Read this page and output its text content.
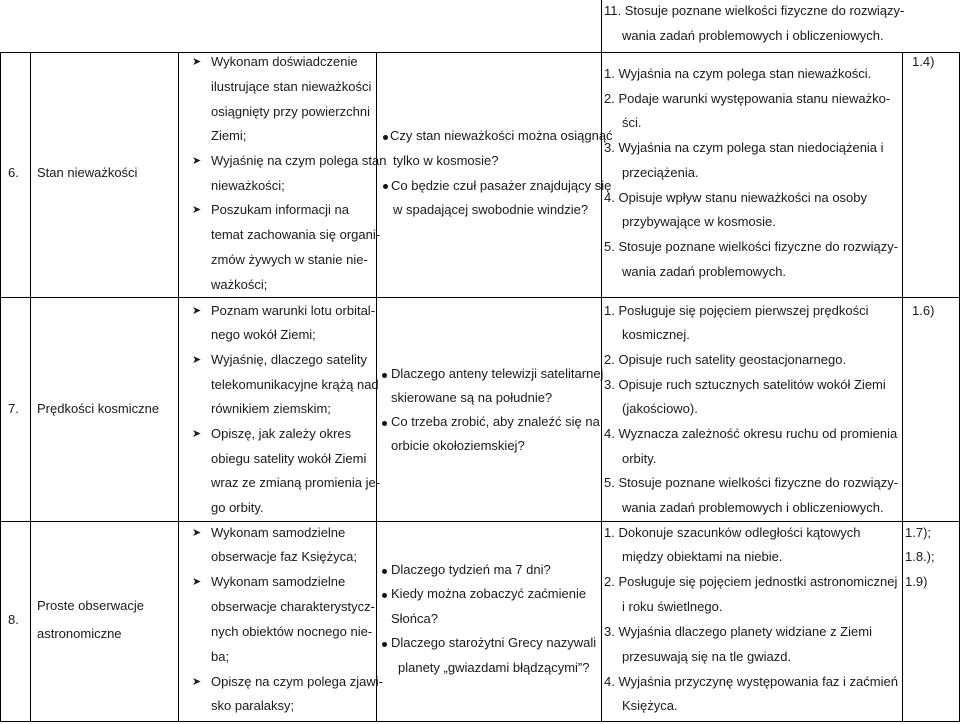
11. Stosuje poznane wielkości fizyczne do rozwiązy-
wania zadań problemowych i obliczeniowych.
6. Stan nieważkości
➤ Wykonam doświadczenie
ilustrujące stan nieważkości
osiągnięty przy powierzchni
Ziemi;
➤ Wyjaśnię na czym polega stan
nieważkości;
➤ Poszukam informacji na
temat zachowania się organi-
zmów żywych w stanie nie-
ważkości;
Czy stan nieważkości można osiągnąć
tylko w kosmosie?
Co będzie czuł pasażer znajdujący się
w spadającej swobodnie windzie?
1. Wyjaśnia na czym polega stan nieważkości.
2. Podaje warunki występowania stanu nieważko-
ści.
3. Wyjaśnia na czym polega stan niedociążenia i
przeciążenia.
4. Opisuje wpływ stanu nieważkości na osoby
przybywające w kosmosie.
5. Stosuje poznane wielkości fizyczne do rozwiązy-
wania zadań problemowych.
1.4)
7. Prędkości kosmiczne
➤ Poznam warunki lotu orbital-
nego wokół Ziemi;
➤ Wyjaśnię, dlaczego satelity
telekomunikacyjne krążą nad
równikiem ziemskim;
➤ Opiszę, jak zależy okres
obiegu satelity wokół Ziemi
wraz ze zmianą promienia je-
go orbity.
Dlaczego anteny telewizji satelitarnej
skierowane są na południe?
Co trzeba zrobić, aby znaleźć się na
orbicie okołoziemskiej?
1. Posługuje się pojęciem pierwszej prędkości
kosmicznej.
2. Opisuje ruch satelity geostacjonarnego.
3. Opisuje ruch sztucznych satelitów wokół Ziemi
(jakościowo).
4. Wyznacza zależność okresu ruchu od promienia
orbity.
5. Stosuje poznane wielkości fizyczne do rozwiązy-
wania zadań problemowych i obliczeniowych.
1.6)
8.
Proste obserwacje
astronomiczne
➤ Wykonam samodzielne
obserwacje faz Księżyca;
➤ Wykonam samodzielne
obserwacje charakterystycz-
nych obiektów nocnego nie-
ba;
➤ Opiszę na czym polega zjawi-
sko paralaksy;
Dlaczego tydzień ma 7 dni?
Kiedy można zobaczyć zaćmienie
Słońca?
Dlaczego starożytni Grecy nazywali
planety „gwiazdami błądzącymi”?
1. Dokonuje szacunków odległości kątowych
między obiektami na niebie.
2. Posługuje się pojęciem jednostki astronomicznej
i roku świetlnego.
3. Wyjaśnia dlaczego planety widziane z Ziemi
przesuwają się na tle gwiazd.
4. Wyjaśnia przyczynę występowania faz i zaćmień
Księżyca.
1.7);
1.8.);
1.9)
